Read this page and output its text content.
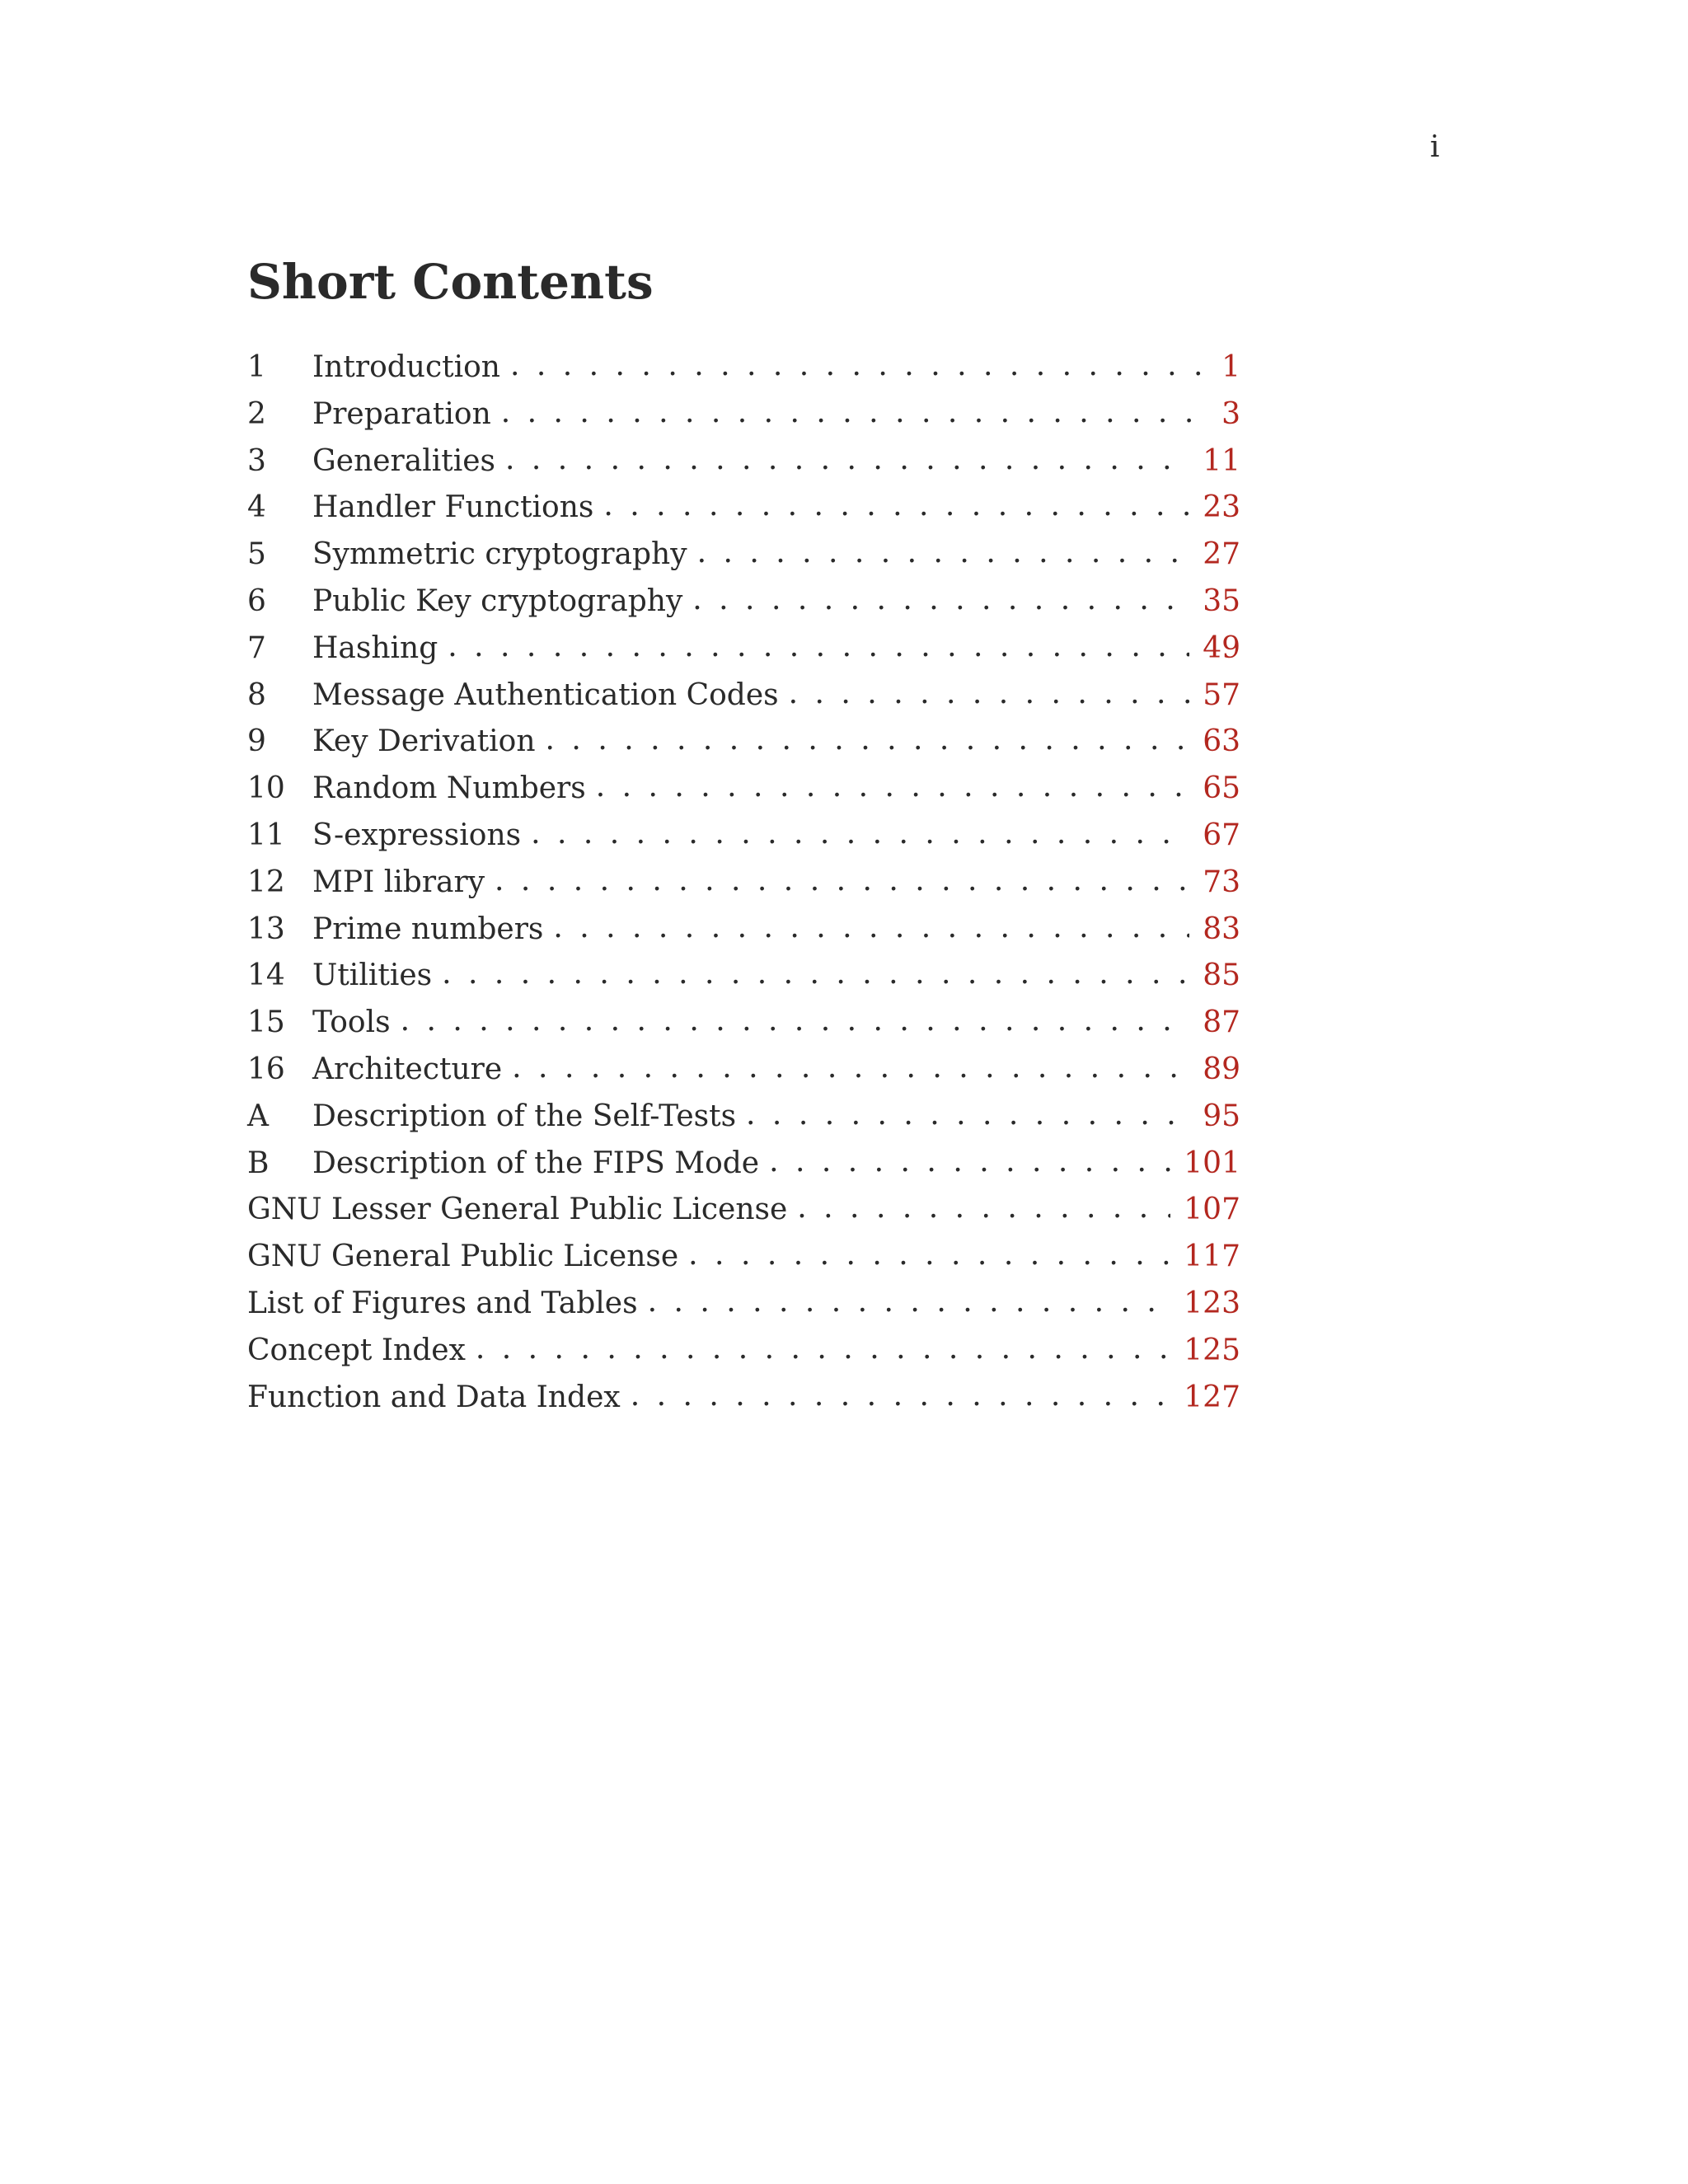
i
Short Contents
1	Introduction . . .	1
2	Preparation . . .	3
3	Generalities . . .	11
4	Handler Functions . . .	23
5	Symmetric cryptography . . .	27
6	Public Key cryptography . . .	35
7	Hashing . . .	49
8	Message Authentication Codes . . .	57
9	Key Derivation . . .	63
10 Random Numbers . . .	65
11 S-expressions . . .	67
12 MPI library . . .	73
13 Prime numbers . . .	83
14 Utilities . . .	85
15 Tools . . .	87
16 Architecture . . .	89
A	Description of the Self-Tests . . .	95
B	Description of the FIPS Mode . . .	101
GNU Lesser General Public License . . .	107
GNU General Public License . . .	117
List of Figures and Tables . . .	123
Concept Index . . .	125
Function and Data Index . . .	127
